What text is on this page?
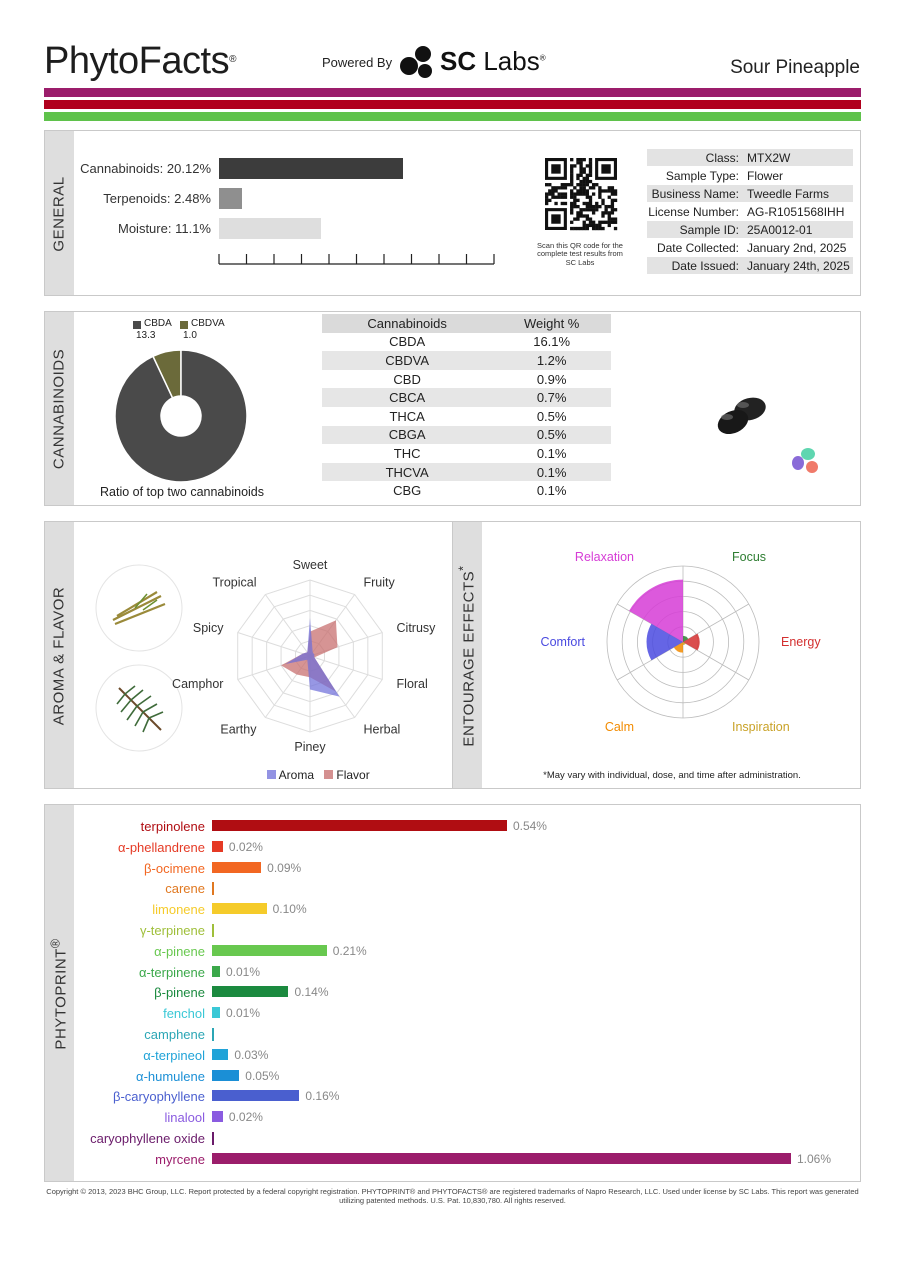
PhytoFacts®	Powered By SC Labs®	Sour Pineapple
GENERAL
Cannabinoids: 20.12%
Terpenoids: 2.48%
Moisture: 11.1%
Scan this QR code for the complete test results from SC Labs
Class: MTX2W
Sample Type: Flower
Business Name: Tweedle Farms
License Number: AG-R1051568IHH
Sample ID: 25A0012-01
Date Collected: January 2nd, 2025
Date Issued: January 24th, 2025
CANNABINOIDS
CBDA
13.3
CBDVA
1.0
Ratio of top two cannabinoids
Cannabinoids	Weight %
CBDA	16.1%
CBDVA	1.2%
CBD	0.9%
CBCA	0.7%
THCA	0.5%
CBGA	0.5%
THC	0.1%
THCVA	0.1%
CBG	0.1%
AROMA & FLAVOR
Sweet
Fruity
Citrusy
Floral
Herbal
Piney
Earthy
Camphor
Spicy
Tropical
Aroma Flavor
ENTOURAGE EFFECTS*
Focus
Energy
Inspiration
Calm
Comfort
Relaxation
*May vary with individual, dose, and time after administration.
PHYTOPRINT®
terpinolene	0.54%
α-phellandrene 0.02%
β-ocimene	0.09%
carene
limonene	0.10%
γ-terpinene
α-pinene	0.21%
α-terpinene 0.01%
β-pinene	0.14%
fenchol 0.01%
camphene
α-terpineol 0.03%
α-humulene	0.05%
β-caryophyllene	0.16%
linalool 0.02%
caryophyllene oxide
myrcene	1.06%
Copyright © 2013, 2023 BHC Group, LLC. Report protected by a federal copyright registration. PHYTOPRINT® and PHYTOFACTS® are registered trademarks of Napro Research, LLC. Used under license by SC Labs. This report was generated utilizing patented methods. U.S. Pat. 10,830,780. All rights reserved.
